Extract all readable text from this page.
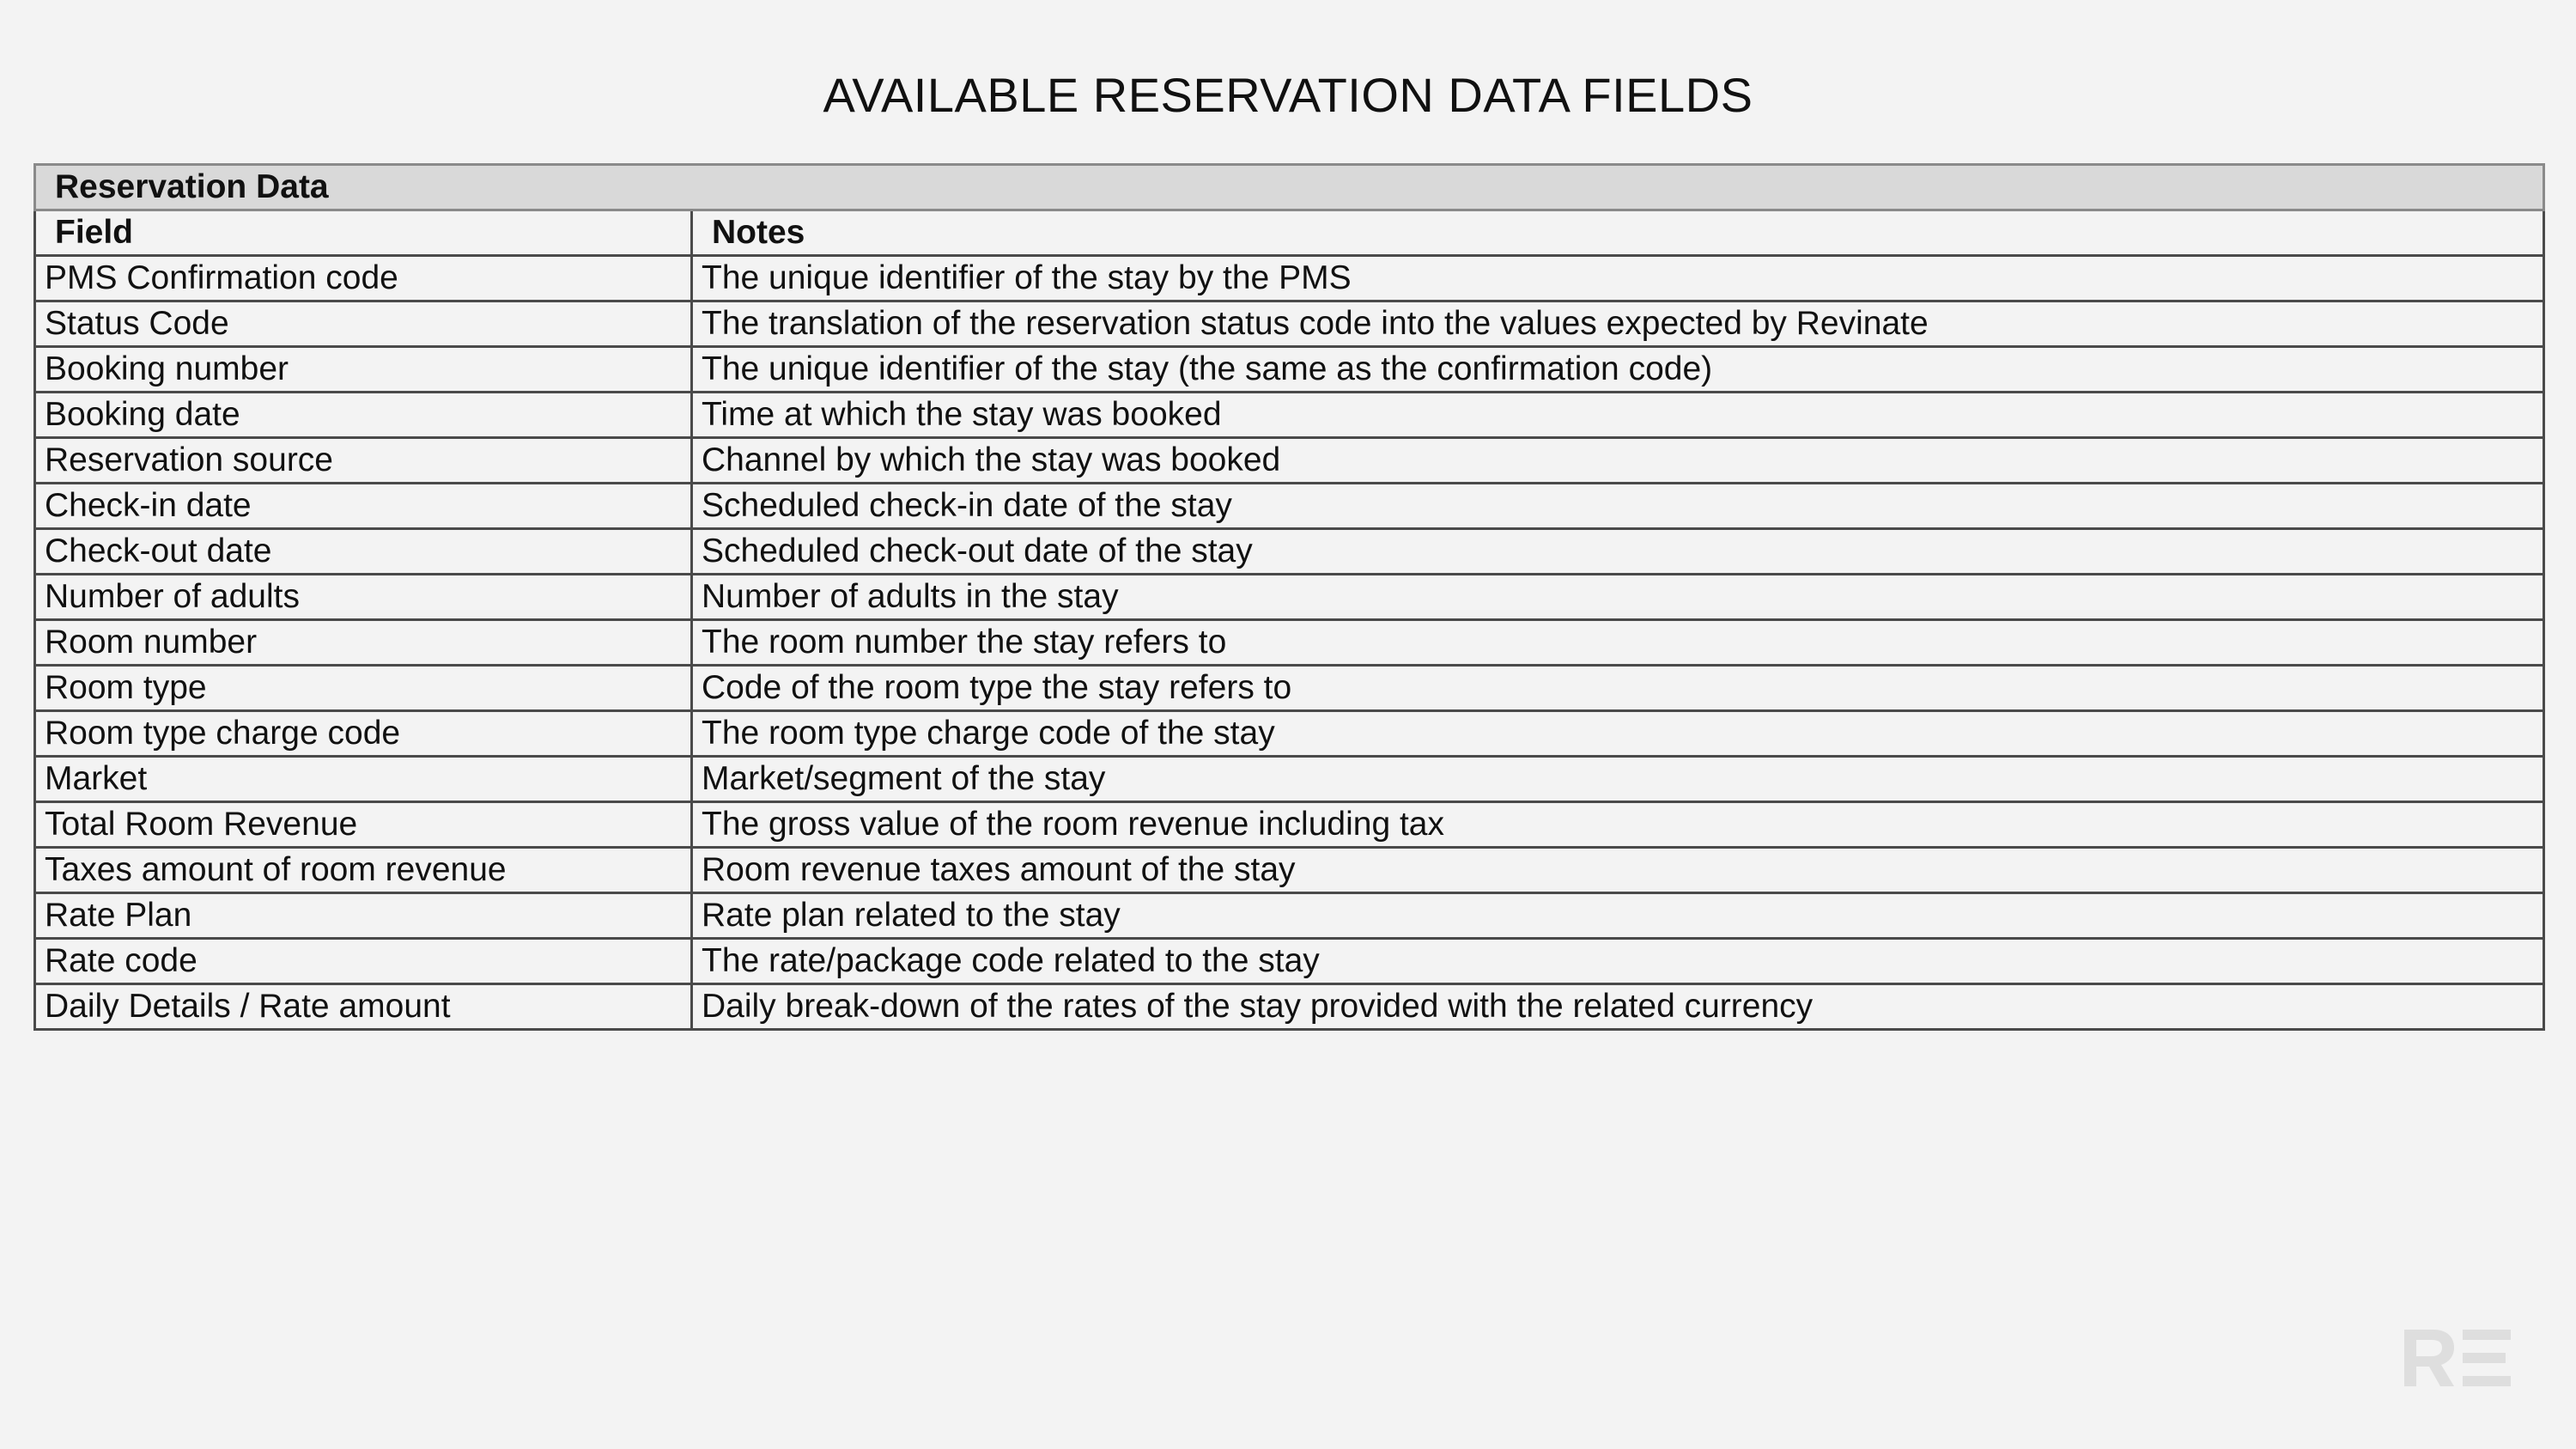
AVAILABLE RESERVATION DATA FIELDS
Reservation Data	
Field	Notes
PMS Confirmation code	The unique identifier of the stay by the PMS
Status Code	The translation of the reservation status code into the values expected by Revinate
Booking number	The unique identifier of the stay (the same as the confirmation code)
Booking date	Time at which the stay was booked
Reservation source	Channel by which the stay was booked
Check-in date	Scheduled check-in date of the stay
Check-out date	Scheduled check-out date of the stay
Number of adults	Number of adults in the stay
Room number	The room number the stay refers to
Room type	Code of the room type the stay refers to
Room type charge code	The room type charge code of the stay
Market	Market/segment of the stay
Total Room Revenue	The gross value of the room revenue including tax
Taxes amount of room revenue	Room revenue taxes amount of the stay
Rate Plan	Rate plan related to the stay
Rate code	The rate/package code related to the stay
Daily Details / Rate amount	Daily break-down of the rates of the stay provided with the related currency
